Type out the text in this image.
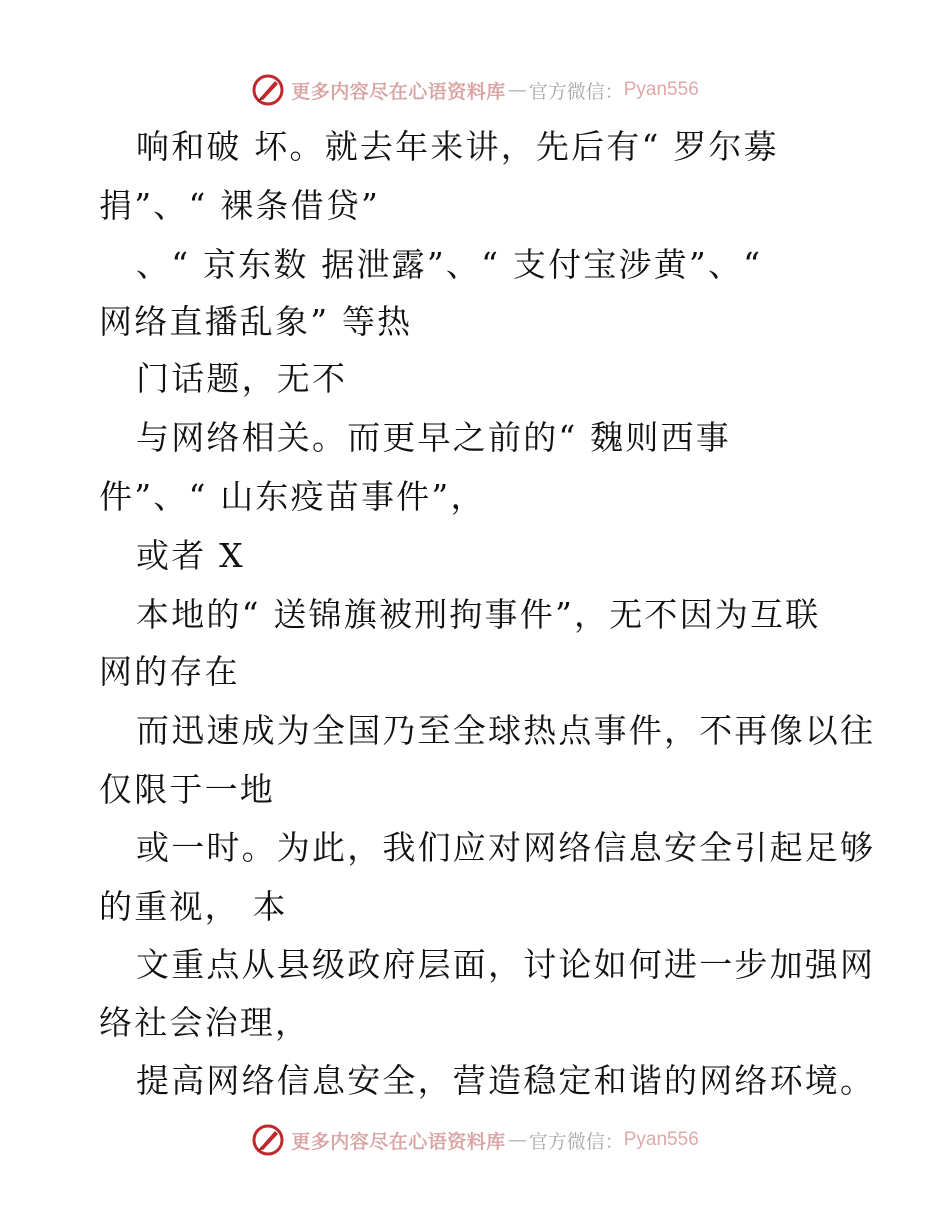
更多内容尽在心语资料库 — 官方微信： Pyan556
响和破 坏。就去年来讲，先后有“ 罗尔募
捐”、“ 裸条借贷”
、“ 京东数 据泄露”、“ 支付宝涉黄”、“
网络直播乱象” 等热
门话题，无不
与网络相关。而更早之前的“ 魏则西事
件”、“ 山东疫苗事件”，
或者 X
本地的“ 送锦旗被刑拘事件”，无不因为互联
网的存在
而迅速成为全国乃至全球热点事件，不再像以往
仅限于一地
或一时。为此，我们应对网络信息安全引起足够
的重视， 本
文重点从县级政府层面，讨论如何进一步加强网
络社会治理，
提高网络信息安全，营造稳定和谐的网络环境。
更多内容尽在心语资料库 — 官方微信： Pyan556
